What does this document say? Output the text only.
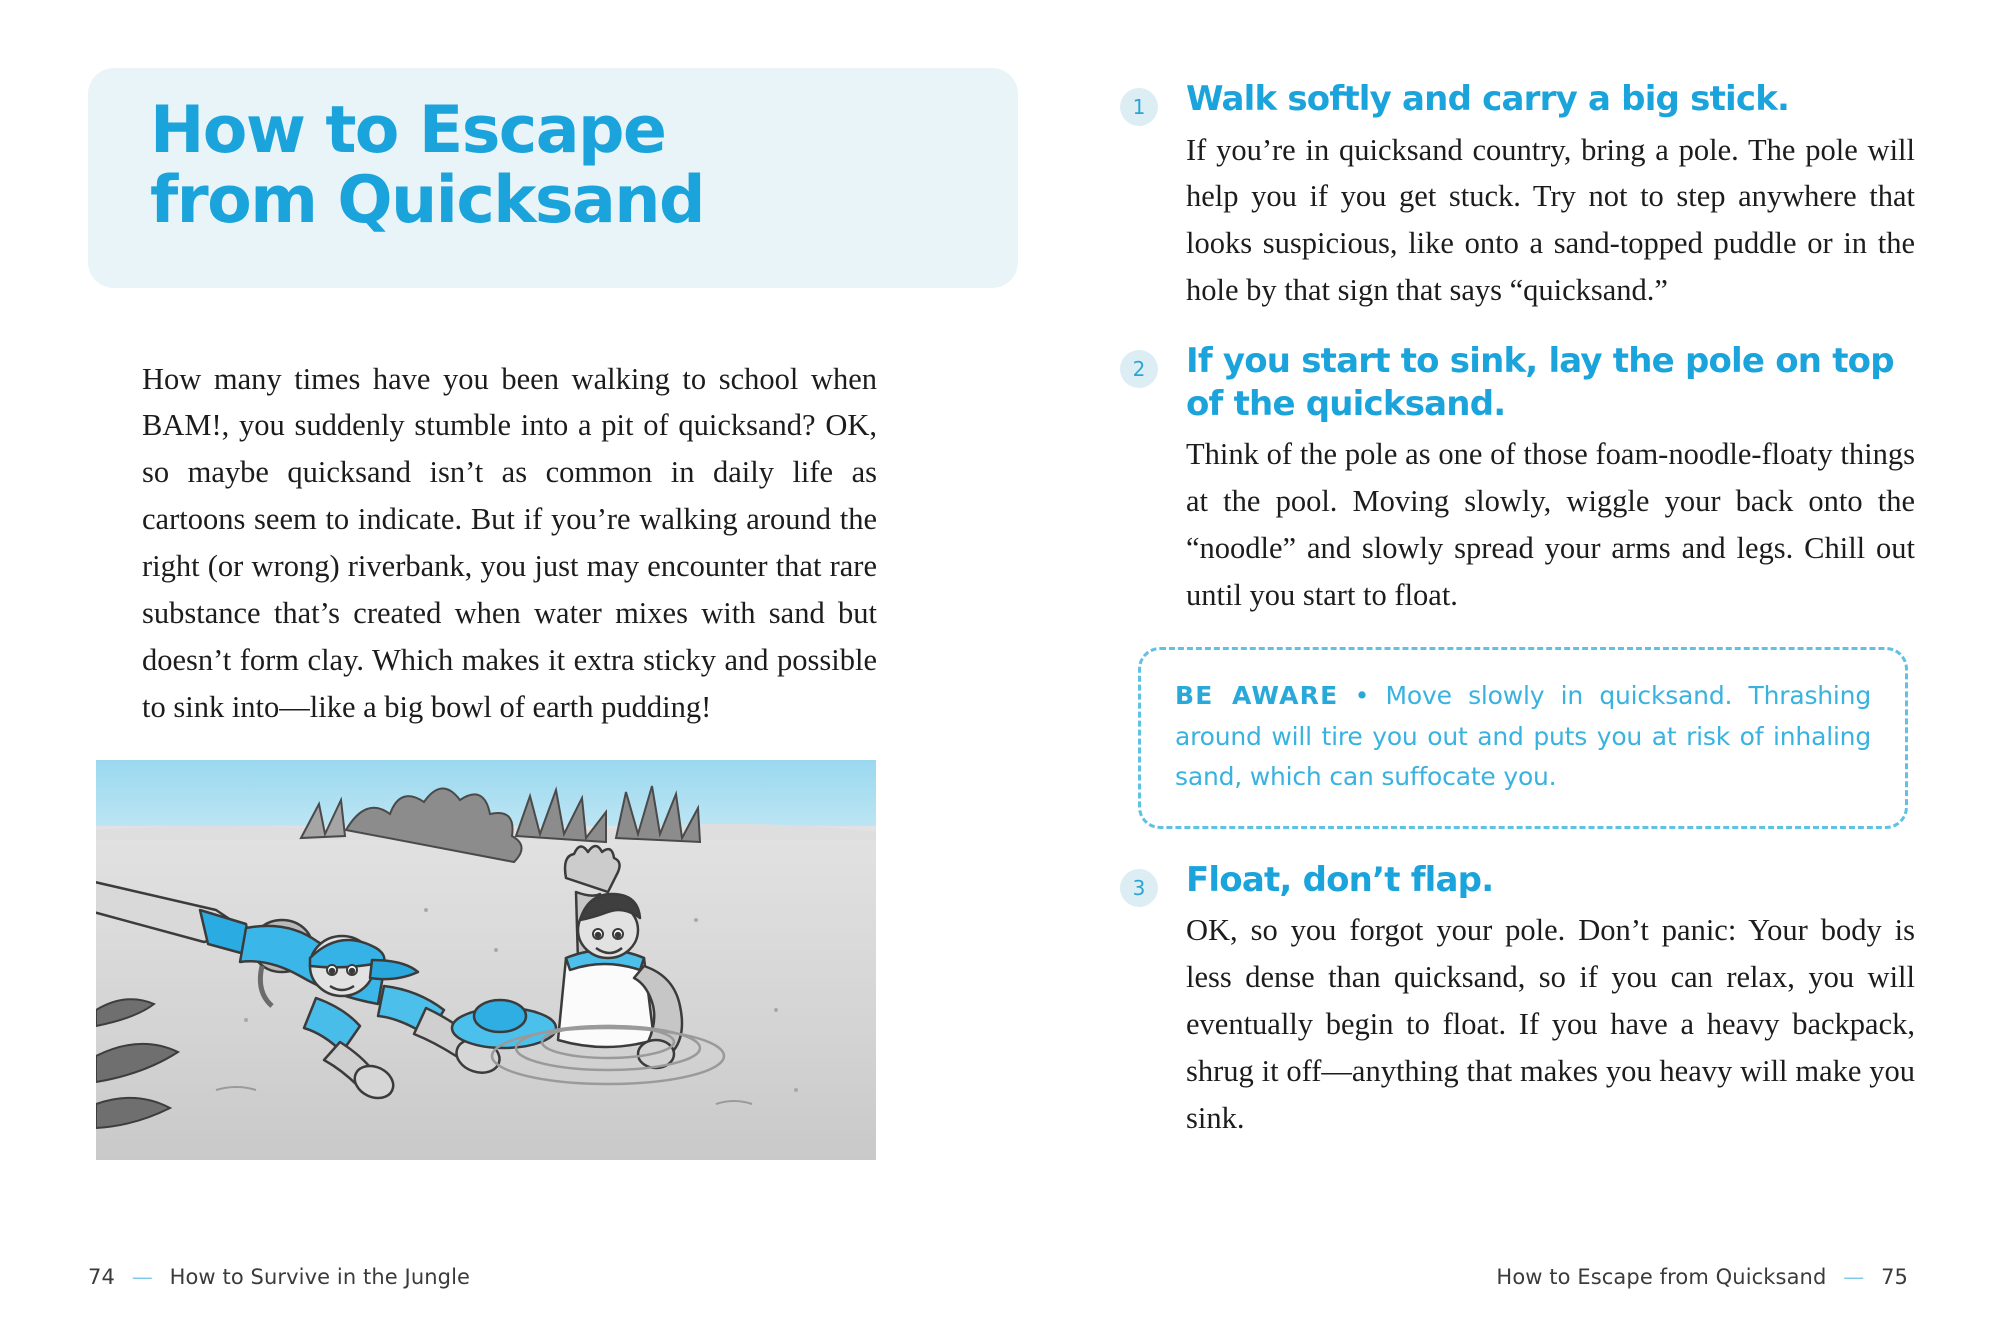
How to Escape
from Quicksand

How many times have you been walking to school when BAM!, you suddenly stumble into a pit of quicksand? OK, so maybe quicksand isn’t as common in daily life as cartoons seem to indicate. But if you’re walking around the right (or wrong) riverbank, you just may encounter that rare substance that’s created when water mixes with sand but doesn’t form clay. Which makes it extra sticky and possible to sink into—like a big bowl of earth pudding!

74 — How to Survive in the Jungle
1	Walk softly and carry a big stick.

If you’re in quicksand country, bring a pole. The pole will help you if you get stuck. Try not to step anywhere that looks suspicious, like onto a sand-topped puddle or in the hole by that sign that says “quicksand.”

2	If you start to sink, lay the pole on top of the quicksand.

Think of the pole as one of those foam-noodle-floaty things at the pool. Moving slowly, wiggle your back onto the “noodle” and slowly spread your arms and legs. Chill out until you start to float.

BE AWARE • Move slowly in quicksand. Thrashing around will tire you out and puts you at risk of inhaling sand, which can suffocate you.
3	Float, don’t flap.

OK, so you forgot your pole. Don’t panic: Your body is less dense than quicksand, so if you can relax, you will eventually begin to float. If you have a heavy backpack, shrug it off—anything that makes you heavy will make you sink.

How to Escape from Quicksand — 75
